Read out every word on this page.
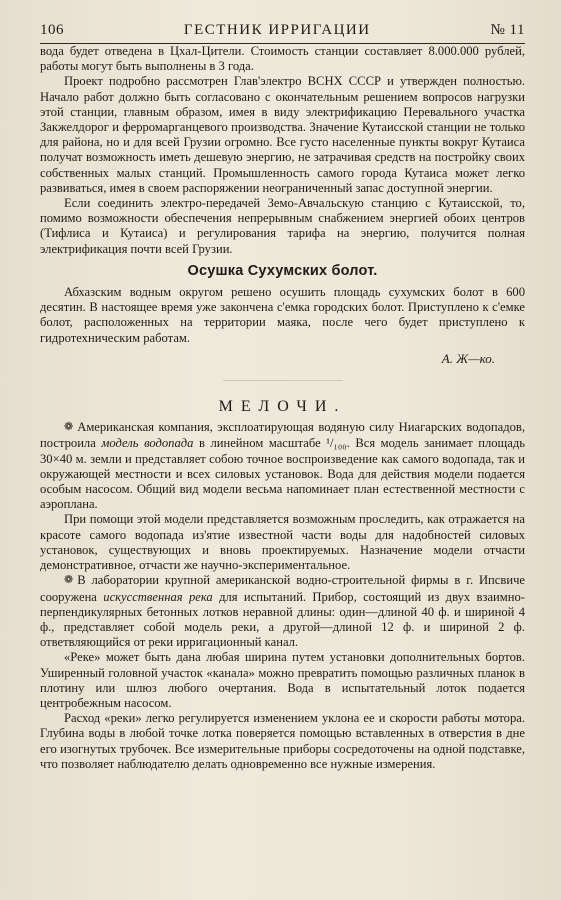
106	ГЕСТНИК ИРРИГАЦИИ	№ 11

вода будет отведена в Цхал-Цители. Стоимость станции составляет 8.000.000 рублей, работы могут быть выполнены в 3 года.

Проект подробно рассмотрен Глав'электро ВСНХ СССР и утвержден полностью. Начало работ должно быть согласовано с окончательным решением вопросов нагрузки этой станции, главным образом, имея в виду электрификацию Перевального участка Закжелдорог и ферромарганцевого производства. Значение Кутаисской станции не только для района, но и для всей Грузии огромно. Все густо населенные пункты вокруг Кутаиса получат возможность иметь дешевую энергию, не затрачивая средств на постройку своих собственных малых станций. Промышленность самого города Кутаиса может легко развиваться, имея в своем распоряжении неограниченный запас доступной энергии.

Если соединить электро-передачей Земо-Авчальскую станцию с Кутаисской, то, помимо возможности обеспечения непрерывным снабжением энергией обоих центров (Тифлиса и Кутаиса) и регулирования тарифа на энергию, получится полная электрификация почти всей Грузии.

Осушка Сухумских болот.

Абхазским водным округом решено осушить площадь сухумских болот в 600 десятин. В настоящее время уже закончена с'емка городских болот. Приступлено к с'емке болот, расположенных на территории маяка, после чего будет приступлено к гидротехническим работам.

А. Ж—ко.
МЕЛОЧИ.

❁ Американская компания, эксплоатирующая водяную силу Ниагарских водопадов, построила модель водопада в линейном масштабе ¹/₁₀₀. Вся модель занимает площадь 30×40 м. земли и представляет собою точное воспроизведение как самого водопада, так и окружающей местности и всех силовых установок. Вода для действия модели подается особым насосом. Общий вид модели весьма напоминает план естественной местности с аэроплана.

При помощи этой модели представляется возможным проследить, как отражается на красоте самого водопада из'ятие известной части воды для надобностей силовых установок, существующих и вновь проектируемых. Назначение модели отчасти демонстративное, отчасти же научно-экспериментальное.

❁ В лаборатории крупной американской водно-строительной фирмы в г. Ипсвиче сооружена искусственная река для испытаний. Прибор, состоящий из двух взаимно-перпендикулярных бетонных лотков неравной длины: один—длиной 40 ф. и шириной 4 ф., представляет собой модель реки, а другой—длиной 12 ф. и шириной 2 ф. ответвляющийся от реки ирригационный канал.

«Реке» может быть дана любая ширина путем установки дополнительных бортов. Уширенный головной участок «канала» можно превратить помощью различных планок в плотину или шлюз любого очертания. Вода в испытательный лоток подается центробежным насосом.

Расход «реки» легко регулируется изменением уклона ее и скорости работы мотора. Глубина воды в любой точке лотка поверяется помощью вставленных в отверстия в дне его изогнутых трубочек. Все измерительные приборы сосредоточены на одной подставке, что позволяет наблюдателю делать одновременно все нужные измерения.
